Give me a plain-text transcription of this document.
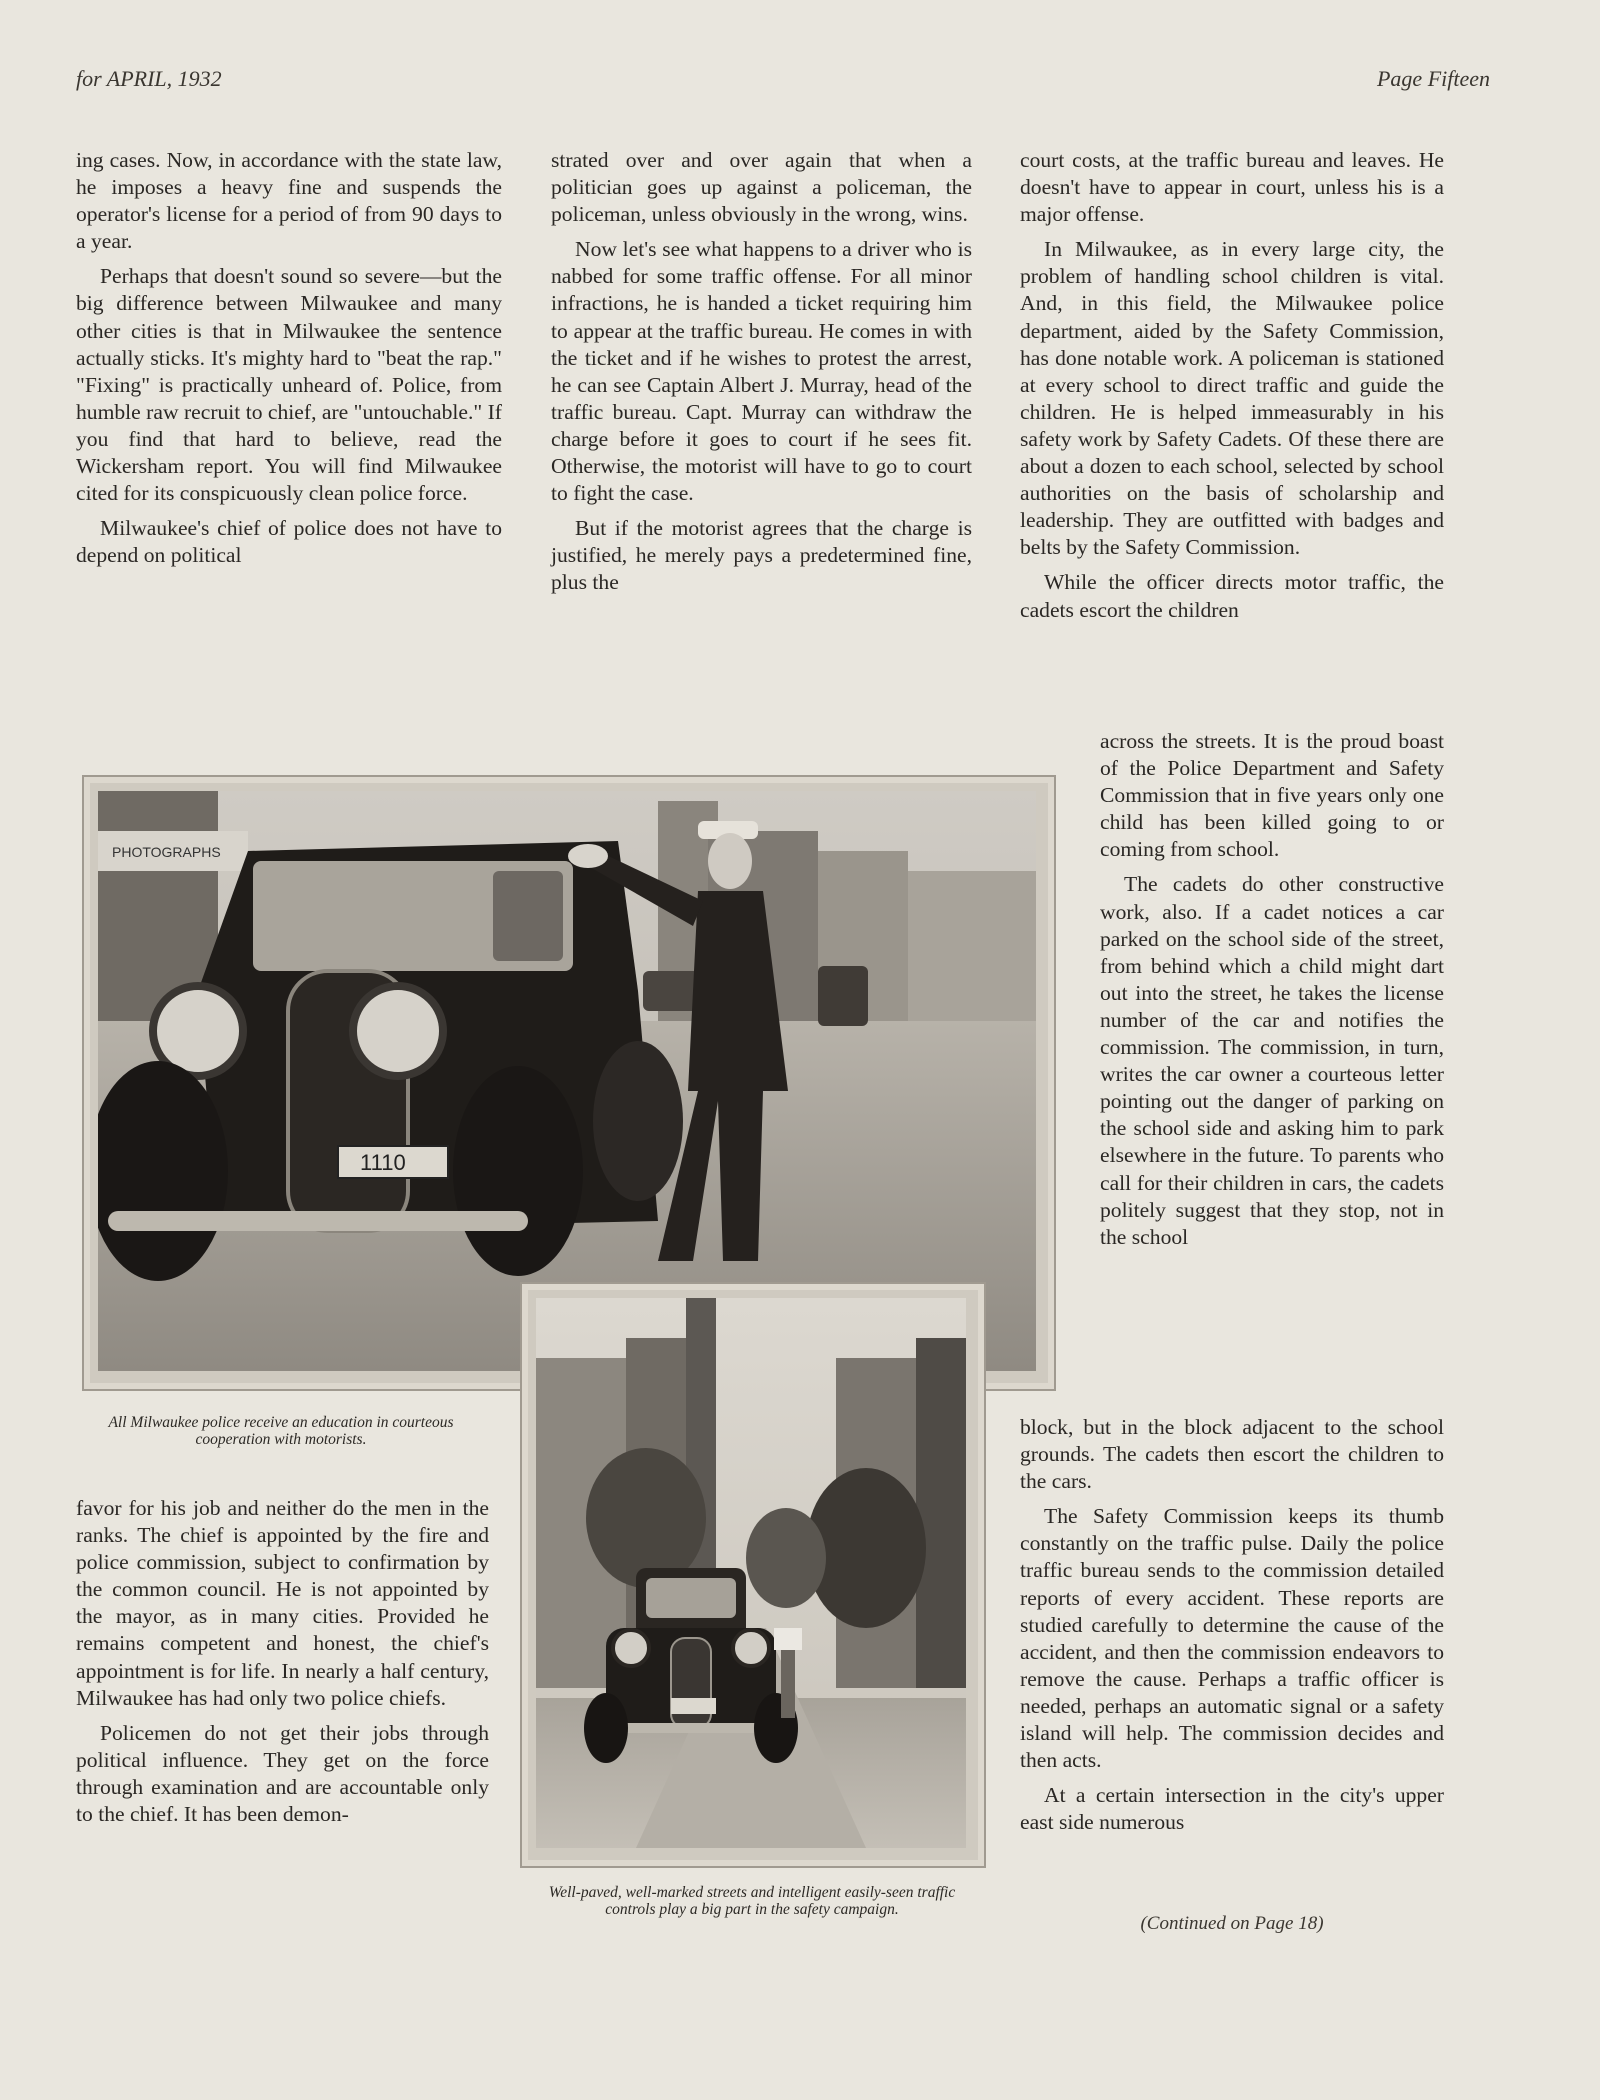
for APRIL, 1932	Page Fifteen

ing cases. Now, in accordance with the state law, he imposes a heavy fine and suspends the operator's license for a period of from 90 days to a year.

Perhaps that doesn't sound so severe—but the big difference between Milwaukee and many other cities is that in Milwaukee the sentence actually sticks. It's mighty hard to "beat the rap." "Fixing" is practically unheard of. Police, from humble raw recruit to chief, are "untouchable." If you find that hard to believe, read the Wickersham report. You will find Milwaukee cited for its conspicuously clean police force.

Milwaukee's chief of police does not have to depend on political

strated over and over again that when a politician goes up against a policeman, the policeman, unless obviously in the wrong, wins.

Now let's see what happens to a driver who is nabbed for some traffic offense. For all minor infractions, he is handed a ticket requiring him to appear at the traffic bureau. He comes in with the ticket and if he wishes to protest the arrest, he can see Captain Albert J. Murray, head of the traffic bureau. Capt. Murray can withdraw the charge before it goes to court if he sees fit. Otherwise, the motorist will have to go to court to fight the case.

But if the motorist agrees that the charge is justified, he merely pays a predetermined fine, plus the

court costs, at the traffic bureau and leaves. He doesn't have to appear in court, unless his is a major offense.

In Milwaukee, as in every large city, the problem of handling school children is vital. And, in this field, the Milwaukee police department, aided by the Safety Commission, has done notable work. A policeman is stationed at every school to direct traffic and guide the children. He is helped immeasurably in his safety work by Safety Cadets. Of these there are about a dozen to each school, selected by school authorities on the basis of scholarship and leadership. They are outfitted with badges and belts by the Safety Commission.

While the officer directs motor traffic, the cadets escort the children

across the streets. It is the proud boast of the Police Department and Safety Commission that in five years only one child has been killed going to or coming from school.

The cadets do other constructive work, also. If a cadet notices a car parked on the school side of the street, from behind which a child might dart out into the street, he takes the license number of the car and notifies the commission. The commission, in turn, writes the car owner a courteous letter pointing out the danger of parking on the school side and asking him to park elsewhere in the future. To parents who call for their children in cars, the cadets politely suggest that they stop, not in the school

block, but in the block adjacent to the school grounds. The cadets then escort the children to the cars.

The Safety Commission keeps its thumb constantly on the traffic pulse. Daily the police traffic bureau sends to the commission detailed reports of every accident. These reports are studied carefully to determine the cause of the accident, and then the commission endeavors to remove the cause. Perhaps a traffic officer is needed, perhaps an automatic signal or a safety island will help. The commission decides and then acts.

At a certain intersection in the city's upper east side numerous

(Continued on Page 18)

favor for his job and neither do the men in the ranks. The chief is appointed by the fire and police commission, subject to confirmation by the common council. He is not appointed by the mayor, as in many cities. Provided he remains competent and honest, the chief's appointment is for life. In nearly a half century, Milwaukee has had only two police chiefs.

Policemen do not get their jobs through political influence. They get on the force through examination and are accountable only to the chief. It has been demon-

PHOTOGRAPHS
1110
All Milwaukee police receive an education in courteous cooperation with motorists.
Well-paved, well-marked streets and intelligent easily-seen traffic controls play a big part in the safety campaign.
